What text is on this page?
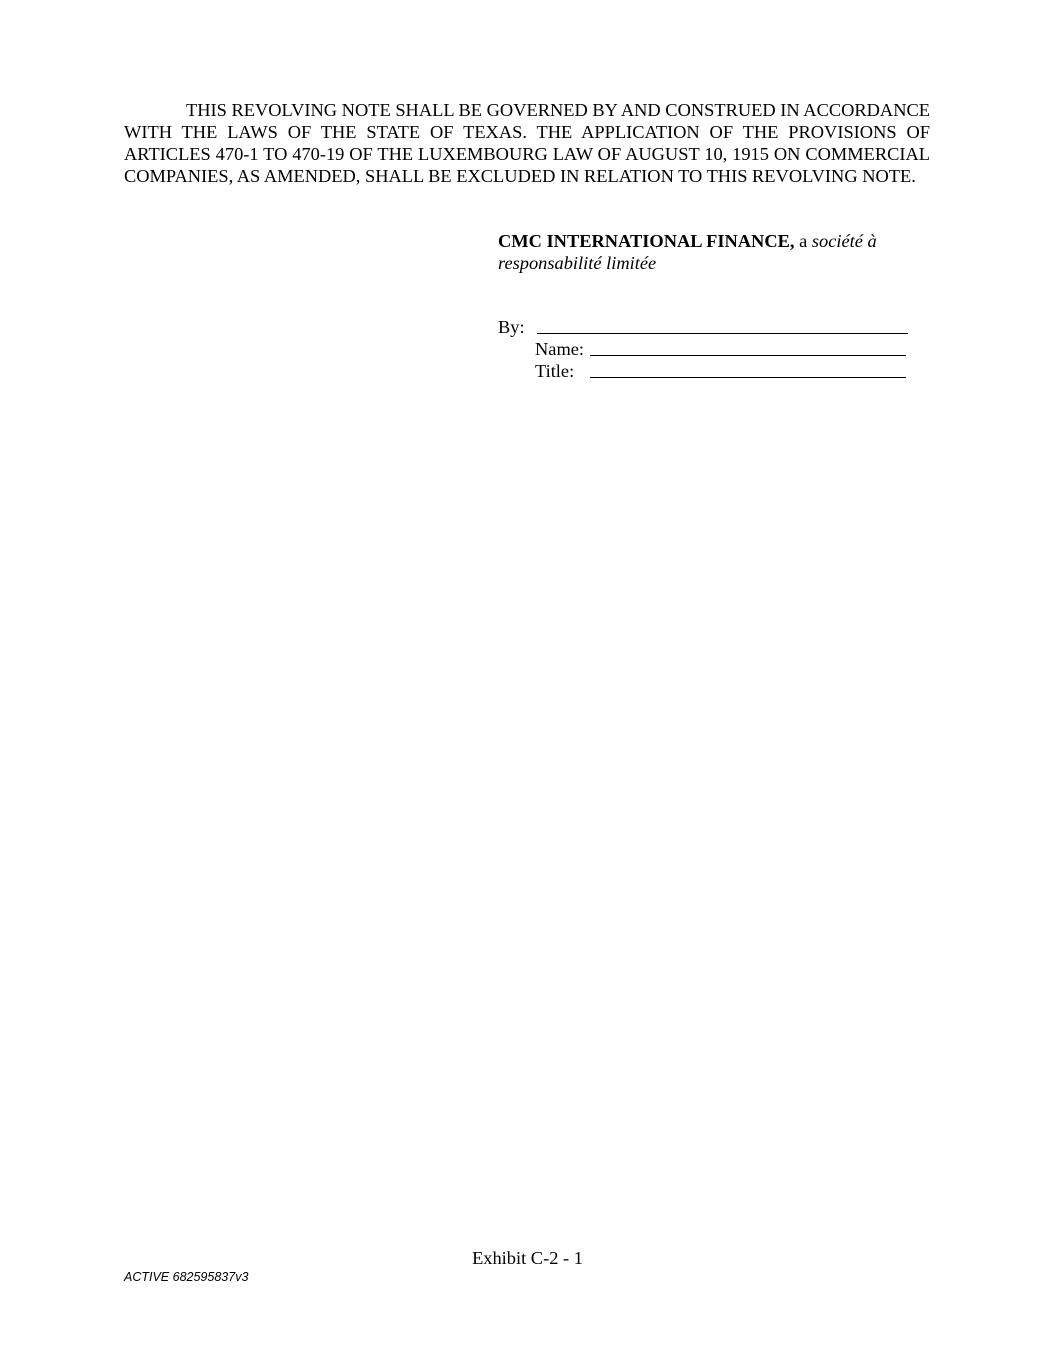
THIS REVOLVING NOTE SHALL BE GOVERNED BY AND CONSTRUED IN ACCORDANCE WITH THE LAWS OF THE STATE OF TEXAS. THE APPLICATION OF THE PROVISIONS OF ARTICLES 470-1 TO 470-19 OF THE LUXEMBOURG LAW OF AUGUST 10, 1915 ON COMMERCIAL COMPANIES, AS AMENDED, SHALL BE EXCLUDED IN RELATION TO THIS REVOLVING NOTE.

CMC INTERNATIONAL FINANCE, a société à
responsabilité limitée

By:
Name:
Title:
Exhibit C-2 - 1
ACTIVE 682595837v3
